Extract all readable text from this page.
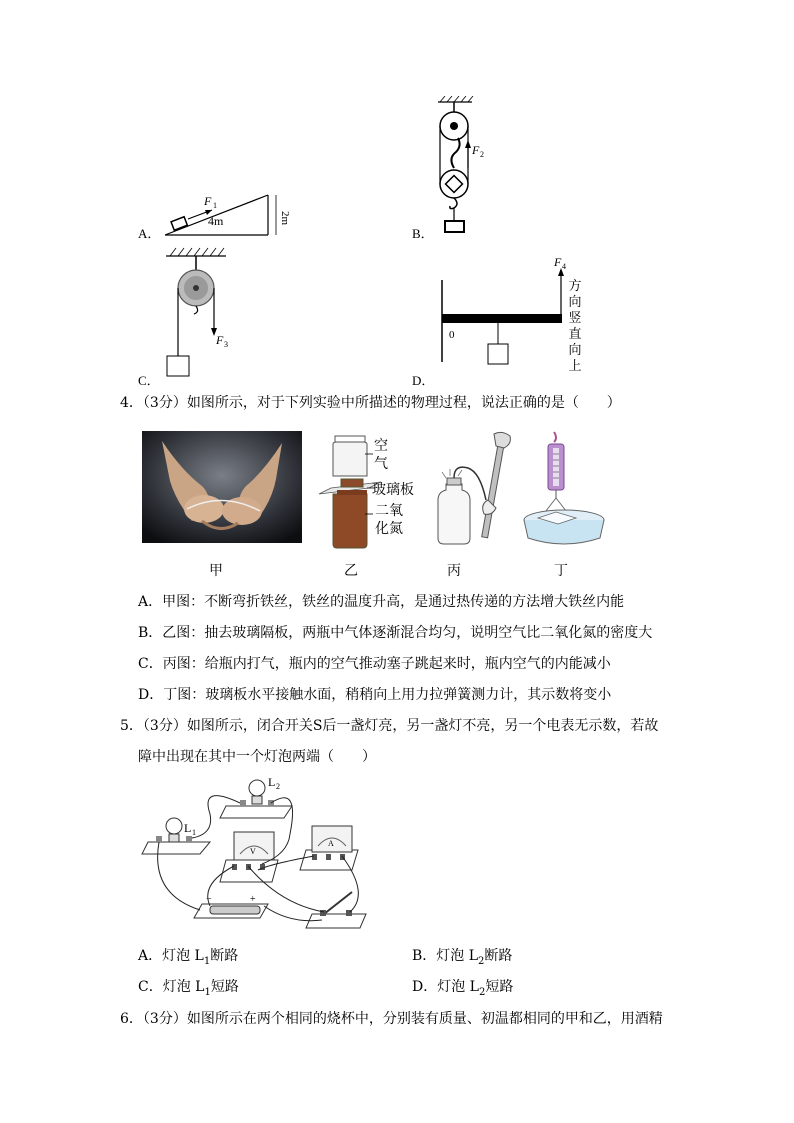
A．
F 1
4m	2m
B．
F 2
C．
F 3
D．
0
F 4
方
向
竖
直
向
上
4．（3分）如图所示，对于下列实验中所描述的物理过程，说法正确的是（　　）
空
气
玻璃板
二氧
化氮
甲	乙	丙	丁
A．甲图：不断弯折铁丝，铁丝的温度升高，是通过热传递的方法增大铁丝内能
B．乙图：抽去玻璃隔板，两瓶中气体逐渐混合均匀，说明空气比二氧化氮的密度大
C．丙图：给瓶内打气，瓶内的空气推动塞子跳起来时，瓶内空气的内能减小
D．丁图：玻璃板水平接触水面，稍稍向上用力拉弹簧测力计，其示数将变小
5．（3分）如图所示，闭合开关S后一盏灯亮，另一盏灯不亮，另一个电表无示数，若故
障中出现在其中一个灯泡两端（　　）
L 2
L 1
V
A
−	+
A．灯泡 $L_1$断路	B．灯泡 $L_2$断路
C．灯泡 $L_1$短路	D．灯泡 $L_2$短路
6．（3分）如图所示在两个相同的烧杯中，分别装有质量、初温都相同的甲和乙，用酒精
